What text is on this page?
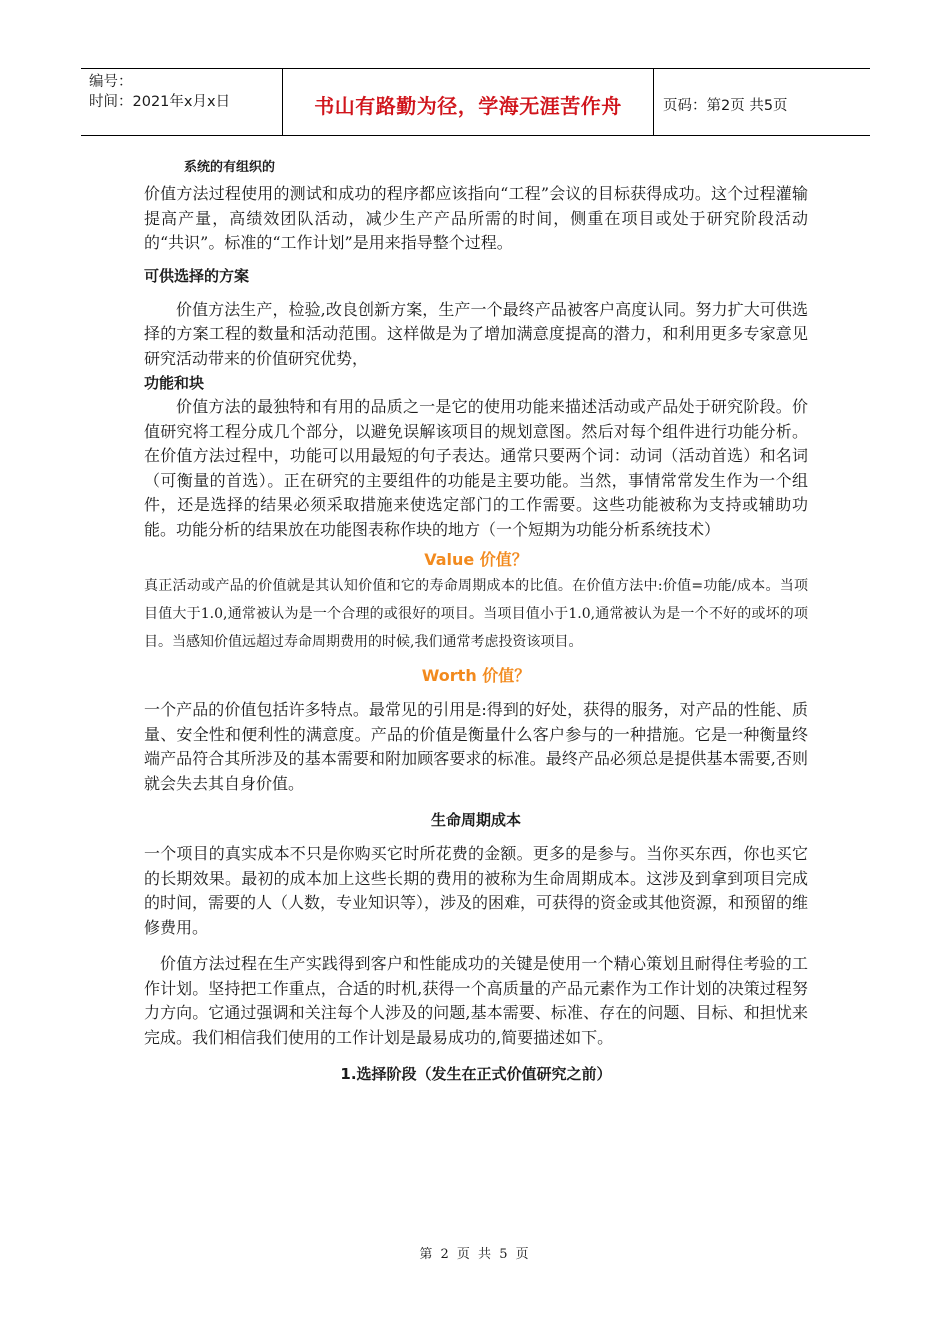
编号：
时间：2021年x月x日	书山有路勤为径，学海无涯苦作舟	页码：第2页 共5页
系统的有组织的

价值方法过程使用的测试和成功的程序都应该指向“工程”会议的目标获得成功。这个过程灌输提高产量，高绩效团队活动，减少生产产品所需的时间，侧重在项目或处于研究阶段活动的“共识”。标准的“工作计划”是用来指导整个过程。

可供选择的方案

价值方法生产，检验,改良创新方案，生产一个最终产品被客户高度认同。努力扩大可供选择的方案工程的数量和活动范围。这样做是为了增加满意度提高的潜力，和利用更多专家意见研究活动带来的价值研究优势，

功能和块

价值方法的最独特和有用的品质之一是它的使用功能来描述活动或产品处于研究阶段。价值研究将工程分成几个部分，以避免误解该项目的规划意图。然后对每个组件进行功能分析。在价值方法过程中，功能可以用最短的句子表达。通常只要两个词：动词（活动首选）和名词（可衡量的首选）。正在研究的主要组件的功能是主要功能。当然，事情常常发生作为一个组件，还是选择的结果必须采取措施来使选定部门的工作需要。这些功能被称为支持或辅助功能。功能分析的结果放在功能图表称作块的地方（一个短期为功能分析系统技术）

Value 价值？

真正活动或产品的价值就是其认知价值和它的寿命周期成本的比值。在价值方法中:价值=功能/成本。当项目值大于1.0,通常被认为是一个合理的或很好的项目。当项目值小于1.0,通常被认为是一个不好的或坏的项目。当感知价值远超过寿命周期费用的时候,我们通常考虑投资该项目。

Worth 价值？

一个产品的价值包括许多特点。最常见的引用是:得到的好处，获得的服务，对产品的性能、质量、安全性和便利性的满意度。产品的价值是衡量什么客户参与的一种措施。它是一种衡量终端产品符合其所涉及的基本需要和附加顾客要求的标准。最终产品必须总是提供基本需要,否则就会失去其自身价值。

生命周期成本

一个项目的真实成本不只是你购买它时所花费的金额。更多的是参与。当你买东西，你也买它的长期效果。最初的成本加上这些长期的费用的被称为生命周期成本。这涉及到拿到项目完成的时间，需要的人（人数，专业知识等），涉及的困难，可获得的资金或其他资源，和预留的维修费用。

价值方法过程在生产实践得到客户和性能成功的关键是使用一个精心策划且耐得住考验的工作计划。坚持把工作重点，合适的时机,获得一个高质量的产品元素作为工作计划的决策过程努力方向。它通过强调和关注每个人涉及的问题,基本需要、标准、存在的问题、目标、和担忧来完成。我们相信我们使用的工作计划是最易成功的,简要描述如下。

1.选择阶段（发生在正式价值研究之前）
第 2 页 共 5 页
